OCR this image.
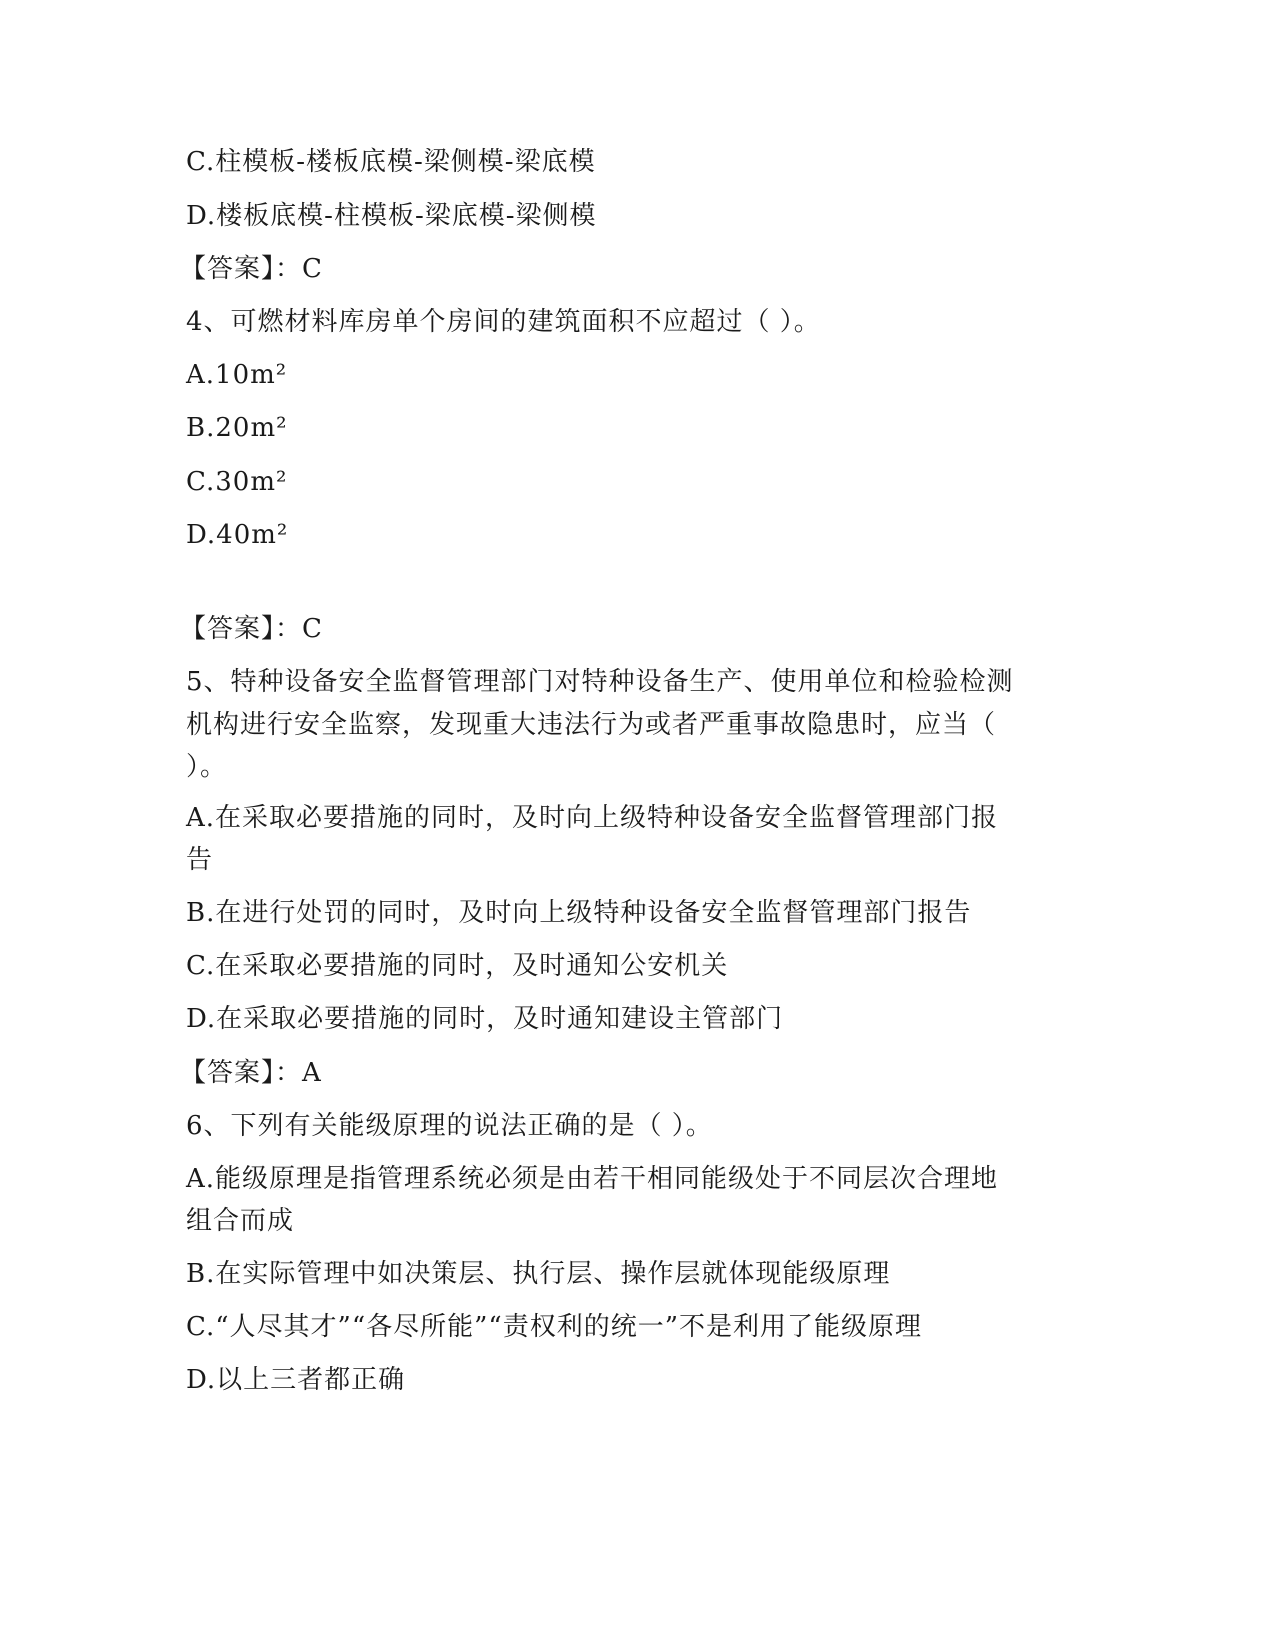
C.柱模板-楼板底模-梁侧模-梁底模
D.楼板底模-柱模板-梁底模-梁侧模
【答案】：C
4、可燃材料库房单个房间的建筑面积不应超过（ ）。
A.10m²
B.20m²
C.30m²
D.40m²
【答案】：C
5、特种设备安全监督管理部门对特种设备生产、使用单位和检验检测
机构进行安全监察，发现重大违法行为或者严重事故隐患时，应当（
）。
A.在采取必要措施的同时，及时向上级特种设备安全监督管理部门报
告
B.在进行处罚的同时，及时向上级特种设备安全监督管理部门报告
C.在采取必要措施的同时，及时通知公安机关
D.在采取必要措施的同时，及时通知建设主管部门
【答案】：A
6、下列有关能级原理的说法正确的是（ ）。
A.能级原理是指管理系统必须是由若干相同能级处于不同层次合理地
组合而成
B.在实际管理中如决策层、执行层、操作层就体现能级原理
C.“人尽其才”“各尽所能”“责权利的统一”不是利用了能级原理
D.以上三者都正确
